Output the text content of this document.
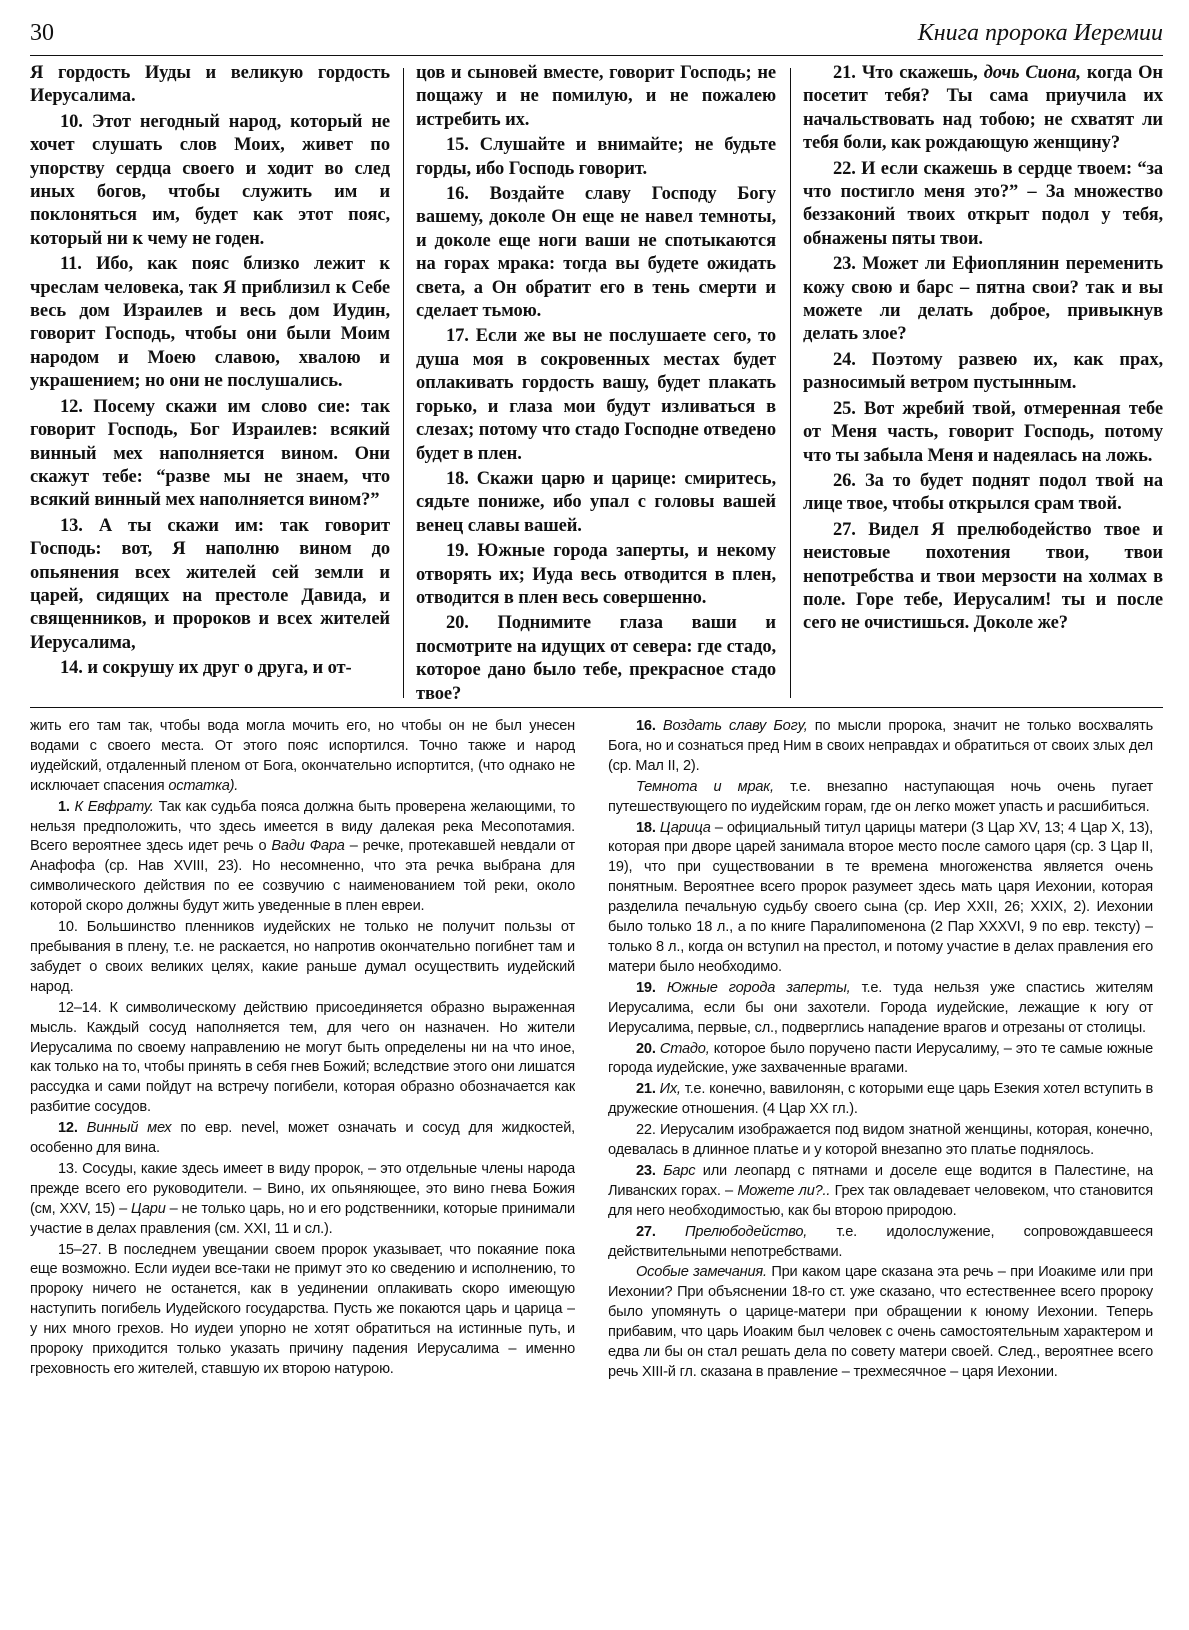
30	Книга пророка Иеремии

Я гордость Иуды и великую гордость Иерусалима.

10. Этот негодный народ, который не хочет слушать слов Моих, живет по упорству сердца своего и ходит во след иных богов, чтобы служить им и поклоняться им, будет как этот пояс, который ни к чему не годен.

11. Ибо, как пояс близко лежит к чреслам человека, так Я приблизил к Себе весь дом Израилев и весь дом Иудин, говорит Господь, чтобы они были Моим народом и Моею славою, хвалою и украшением; но они не послушались.

12. Посему скажи им слово сие: так говорит Господь, Бог Израилев: всякий винный мех наполняется вином. Они скажут тебе: “разве мы не знаем, что всякий винный мех наполняется вином?”

13. А ты скажи им: так говорит Господь: вот, Я наполню вином до опьянения всех жителей сей земли и царей, сидящих на престоле Давида, и священников, и пророков и всех жителей Иерусалима,

14. и сокрушу их друг о друга, и от-

цов и сыновей вместе, говорит Господь; не пощажу и не помилую, и не пожалею истребить их.

15. Слушайте и внимайте; не будьте горды, ибо Господь говорит.

16. Воздайте славу Господу Богу вашему, доколе Он еще не навел темноты, и доколе еще ноги ваши не спотыкаются на горах мрака: тогда вы будете ожидать света, а Он обратит его в тень смерти и сделает тьмою.

17. Если же вы не послушаете сего, то душа моя в сокровенных местах будет оплакивать гордость вашу, будет плакать горько, и глаза мои будут изливаться в слезах; потому что стадо Господне отведено будет в плен.

18. Скажи царю и царице: смиритесь, сядьте пониже, ибо упал с головы вашей венец славы вашей.

19. Южные города заперты, и некому отворять их; Иуда весь отводится в плен, отводится в плен весь совершенно.

20. Поднимите глаза ваши и посмотрите на идущих от севера: где стадо, которое дано было тебе, прекрасное стадо твое?

21. Что скажешь, дочь Сиона, когда Он посетит тебя? Ты сама приучила их начальствовать над тобою; не схватят ли тебя боли, как рождающую женщину?

22. И если скажешь в сердце твоем: “за что постигло меня это?” – За множество беззаконий твоих открыт подол у тебя, обнажены пяты твои.

23. Может ли Ефиоплянин переменить кожу свою и барс – пятна свои? так и вы можете ли делать доброе, привыкнув делать злое?

24. Поэтому развею их, как прах, разносимый ветром пустынным.

25. Вот жребий твой, отмеренная тебе от Меня часть, говорит Господь, потому что ты забыла Меня и надеялась на ложь.

26. За то будет поднят подол твой на лице твое, чтобы открылся срам твой.

27. Видел Я прелюбодейство твое и неистовые похотения твои, твои непотребства и твои мерзости на холмах в поле. Горе тебе, Иерусалим! ты и после сего не очистишься. Доколе же?

жить его там так, чтобы вода могла мочить его, но чтобы он не был унесен водами с своего места. От этого пояс испортился. Точно также и народ иудейский, отдаленный пленом от Бога, окончательно испортится, (что однако не исключает спасения остатка).

1. К Евфрату. Так как судьба пояса должна быть проверена желающими, то нельзя предположить, что здесь имеется в виду далекая река Месопотамия. Всего вероятнее здесь идет речь о Вади Фара – речке, протекавшей невдали от Анафофа (ср. Нав XVIII, 23). Но несомненно, что эта речка выбрана для символического действия по ее созвучию с наименованием той реки, около которой скоро должны будут жить уведенные в плен евреи.

10. Большинство пленников иудейских не только не получит пользы от пребывания в плену, т.е. не раскается, но напротив окончательно погибнет там и забудет о своих великих целях, какие раньше думал осуществить иудейский народ.

12–14. К символическому действию присоединяется образно выраженная мысль. Каждый сосуд наполняется тем, для чего он назначен. Но жители Иерусалима по своему направлению не могут быть определены ни на что иное, как только на то, чтобы принять в себя гнев Божий; вследствие этого они лишатся рассудка и сами пойдут на встречу погибели, которая образно обозначается как разбитие сосудов.

12. Винный мех по евр. nevel, может означать и сосуд для жидкостей, особенно для вина.

13. Сосуды, какие здесь имеет в виду пророк, – это отдельные члены народа прежде всего его руководители. – Вино, их опьяняющее, это вино гнева Божия (см, XXV, 15) – Цари – не только царь, но и его родственники, которые принимали участие в делах правления (см. XXI, 11 и сл.).

15–27. В последнем увещании своем пророк указывает, что покаяние пока еще возможно. Если иудеи все-таки не примут это ко сведению и исполнению, то пророку ничего не останется, как в уединении оплакивать скоро имеющую наступить погибель Иудейского государства. Пусть же покаются царь и царица – у них много грехов. Но иудеи упорно не хотят обратиться на истинные путь, и пророку приходится только указать причину падения Иерусалима – именно греховность его жителей, ставшую их второю натурою.

16. Воздать славу Богу, по мысли пророка, значит не только восхвалять Бога, но и сознаться пред Ним в своих неправдах и обратиться от своих злых дел (ср. Мал II, 2).

Темнота и мрак, т.е. внезапно наступающая ночь очень пугает путешествующего по иудейским горам, где он легко может упасть и расшибиться.

18. Царица – официальный титул царицы матери (3 Цар XV, 13; 4 Цар X, 13), которая при дворе царей занимала второе место после самого царя (ср. 3 Цар II, 19), что при существовании в те времена многоженства является очень понятным. Вероятнее всего пророк разумеет здесь мать царя Иехонии, которая разделила печальную судьбу своего сына (ср. Иер XXII, 26; XXIX, 2). Иехонии было только 18 л., а по книге Паралипоменона (2 Пар XXXVI, 9 по евр. тексту) – только 8 л., когда он вступил на престол, и потому участие в делах правления его матери было необходимо.

19. Южные города заперты, т.е. туда нельзя уже спастись жителям Иерусалима, если бы они захотели. Города иудейские, лежащие к югу от Иерусалима, первые, сл., подверглись нападение врагов и отрезаны от столицы.

20. Стадо, которое было поручено пасти Иерусалиму, – это те самые южные города иудейские, уже захваченные врагами.

21. Их, т.е. конечно, вавилонян, с которыми еще царь Езекия хотел вступить в дружеские отношения. (4 Цар XX гл.).

22. Иерусалим изображается под видом знатной женщины, которая, конечно, одевалась в длинное платье и у которой внезапно это платье поднялось.

23. Барс или леопард с пятнами и доселе еще водится в Палестине, на Ливанских горах. – Можете ли?.. Грех так овладевает человеком, что становится для него необходимостью, как бы второю природою.

27. Прелюбодейство, т.е. идолослужение, сопровождавшееся действительными непотребствами.

Особые замечания. При каком царе сказана эта речь – при Иоакиме или при Иехонии? При объяснении 18-го ст. уже сказано, что естественнее всего пророку было упомянуть о царице-матери при обращении к юному Иехонии. Теперь прибавим, что царь Иоаким был человек с очень самостоятельным характером и едва ли бы он стал решать дела по совету матери своей. След., вероятнее всего речь XIII-й гл. сказана в правление – трехмесячное – царя Иехонии.
